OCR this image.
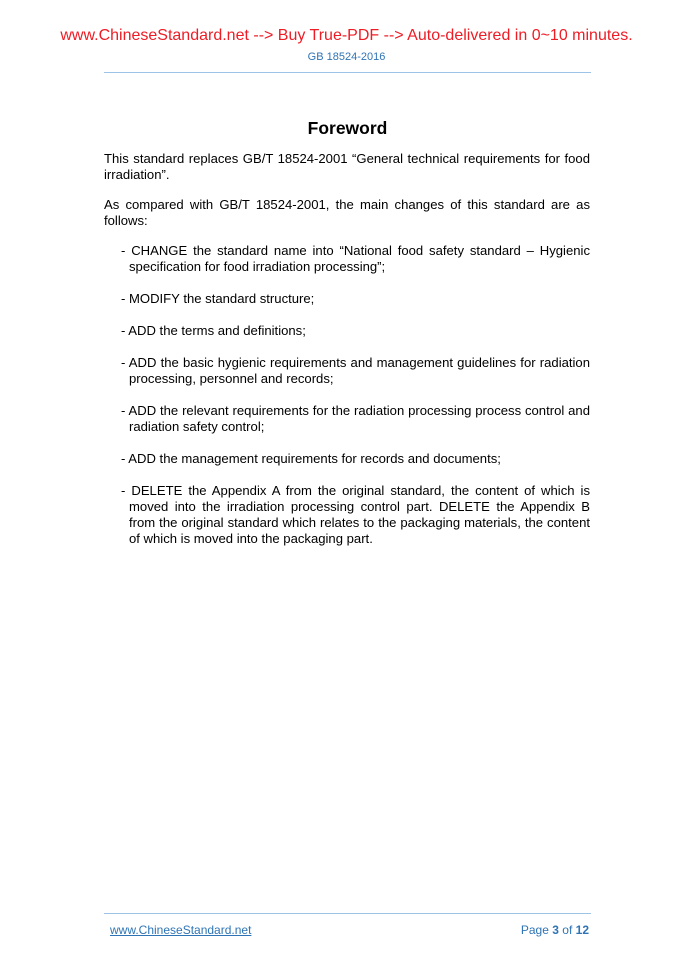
www.ChineseStandard.net --> Buy True-PDF --> Auto-delivered in 0~10 minutes.
GB 18524-2016
Foreword

This standard replaces GB/T 18524-2001 “General technical requirements for food irradiation”.

As compared with GB/T 18524-2001, the main changes of this standard are as follows:

- CHANGE the standard name into “National food safety standard – Hygienic specification for food irradiation processing”;
- MODIFY the standard structure;
- ADD the terms and definitions;
- ADD the basic hygienic requirements and management guidelines for radiation processing, personnel and records;
- ADD the relevant requirements for the radiation processing process control and radiation safety control;
- ADD the management requirements for records and documents;
- DELETE the Appendix A from the original standard, the content of which is moved into the irradiation processing control part. DELETE the Appendix B from the original standard which relates to the packaging materials, the content of which is moved into the packaging part.
www.ChineseStandard.net	Page 3 of 12
